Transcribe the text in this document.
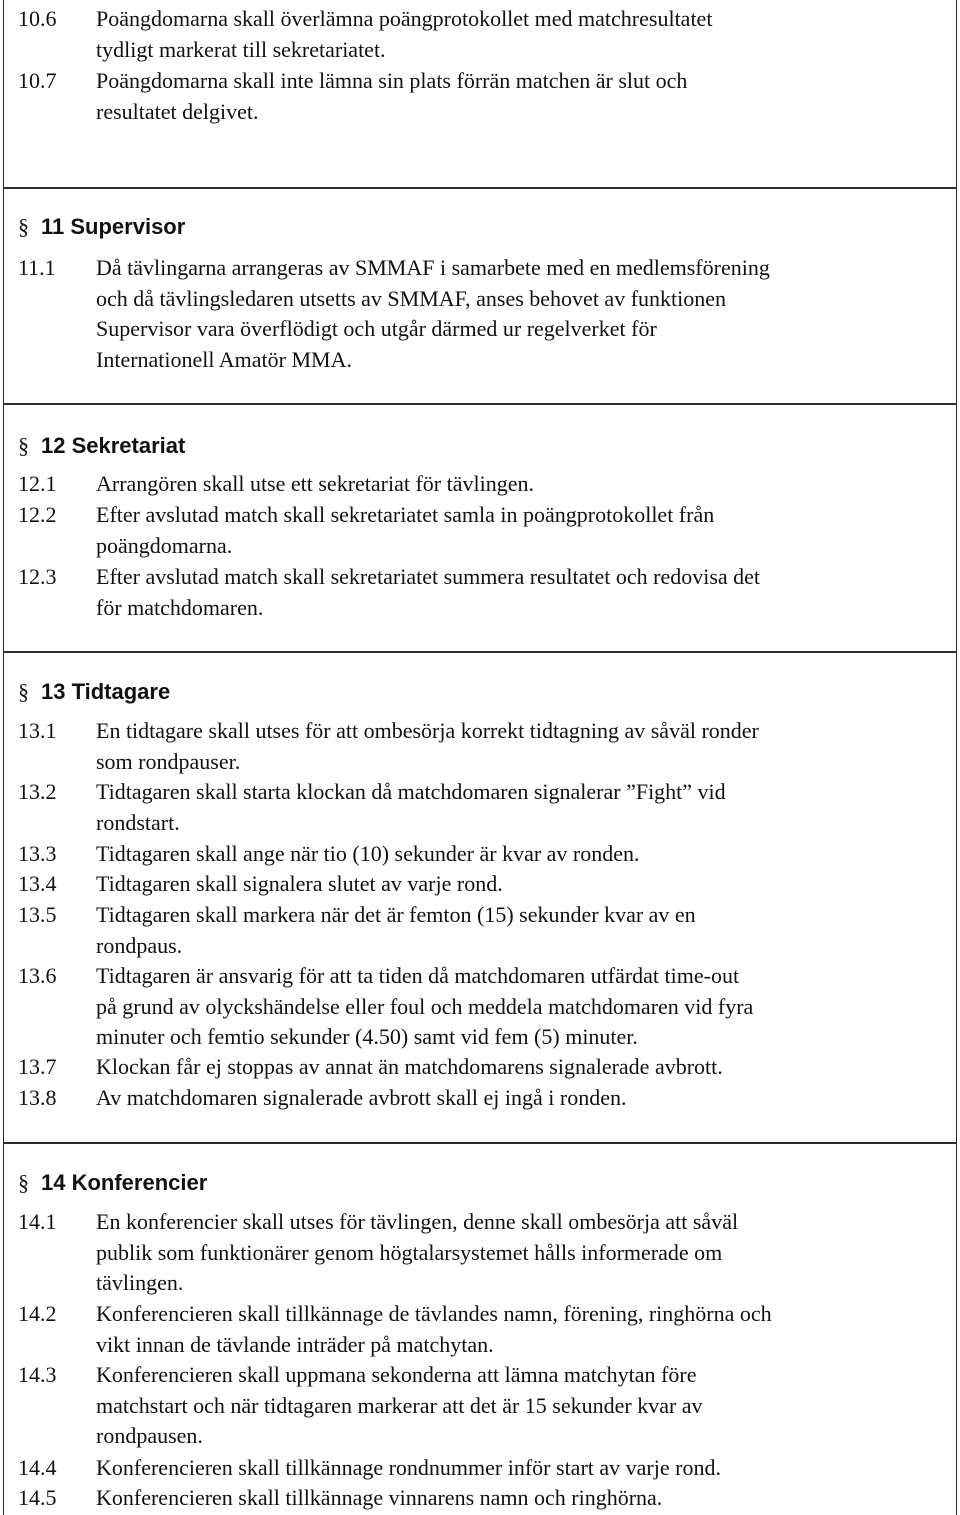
10.6 Poängdomarna skall överlämna poängprotokollet med matchresultatet
tydligt markerat till sekretariatet.
10.7 Poängdomarna skall inte lämna sin plats förrän matchen är slut och
resultatet delgivet.
§ 11 Supervisor
11.1 Då tävlingarna arrangeras av SMMAF i samarbete med en medlemsförening
och då tävlingsledaren utsetts av SMMAF, anses behovet av funktionen
Supervisor vara överflödigt och utgår därmed ur regelverket för
Internationell Amatör MMA.
§ 12 Sekretariat
12.1 Arrangören skall utse ett sekretariat för tävlingen.
12.2 Efter avslutad match skall sekretariatet samla in poängprotokollet från
poängdomarna.
12.3 Efter avslutad match skall sekretariatet summera resultatet och redovisa det
för matchdomaren.
§ 13 Tidtagare
13.1 En tidtagare skall utses för att ombesörja korrekt tidtagning av såväl ronder
som rondpauser.
13.2 Tidtagaren skall starta klockan då matchdomaren signalerar ”Fight” vid
rondstart.
13.3 Tidtagaren skall ange när tio (10) sekunder är kvar av ronden.
13.4 Tidtagaren skall signalera slutet av varje rond.
13.5 Tidtagaren skall markera när det är femton (15) sekunder kvar av en
rondpaus.
13.6 Tidtagaren är ansvarig för att ta tiden då matchdomaren utfärdat time-out
på grund av olyckshändelse eller foul och meddela matchdomaren vid fyra
minuter och femtio sekunder (4.50) samt vid fem (5) minuter.
13.7 Klockan får ej stoppas av annat än matchdomarens signalerade avbrott.
13.8 Av matchdomaren signalerade avbrott skall ej ingå i ronden.
§ 14 Konferencier
14.1 En konferencier skall utses för tävlingen, denne skall ombesörja att såväl
publik som funktionärer genom högtalarsystemet hålls informerade om
tävlingen.
14.2 Konferencieren skall tillkännage de tävlandes namn, förening, ringhörna och
vikt innan de tävlande inträder på matchytan.
14.3 Konferencieren skall uppmana sekonderna att lämna matchytan före
matchstart och när tidtagaren markerar att det är 15 sekunder kvar av
rondpausen.
14.4 Konferencieren skall tillkännage rondnummer inför start av varje rond.
14.5 Konferencieren skall tillkännage vinnarens namn och ringhörna.
